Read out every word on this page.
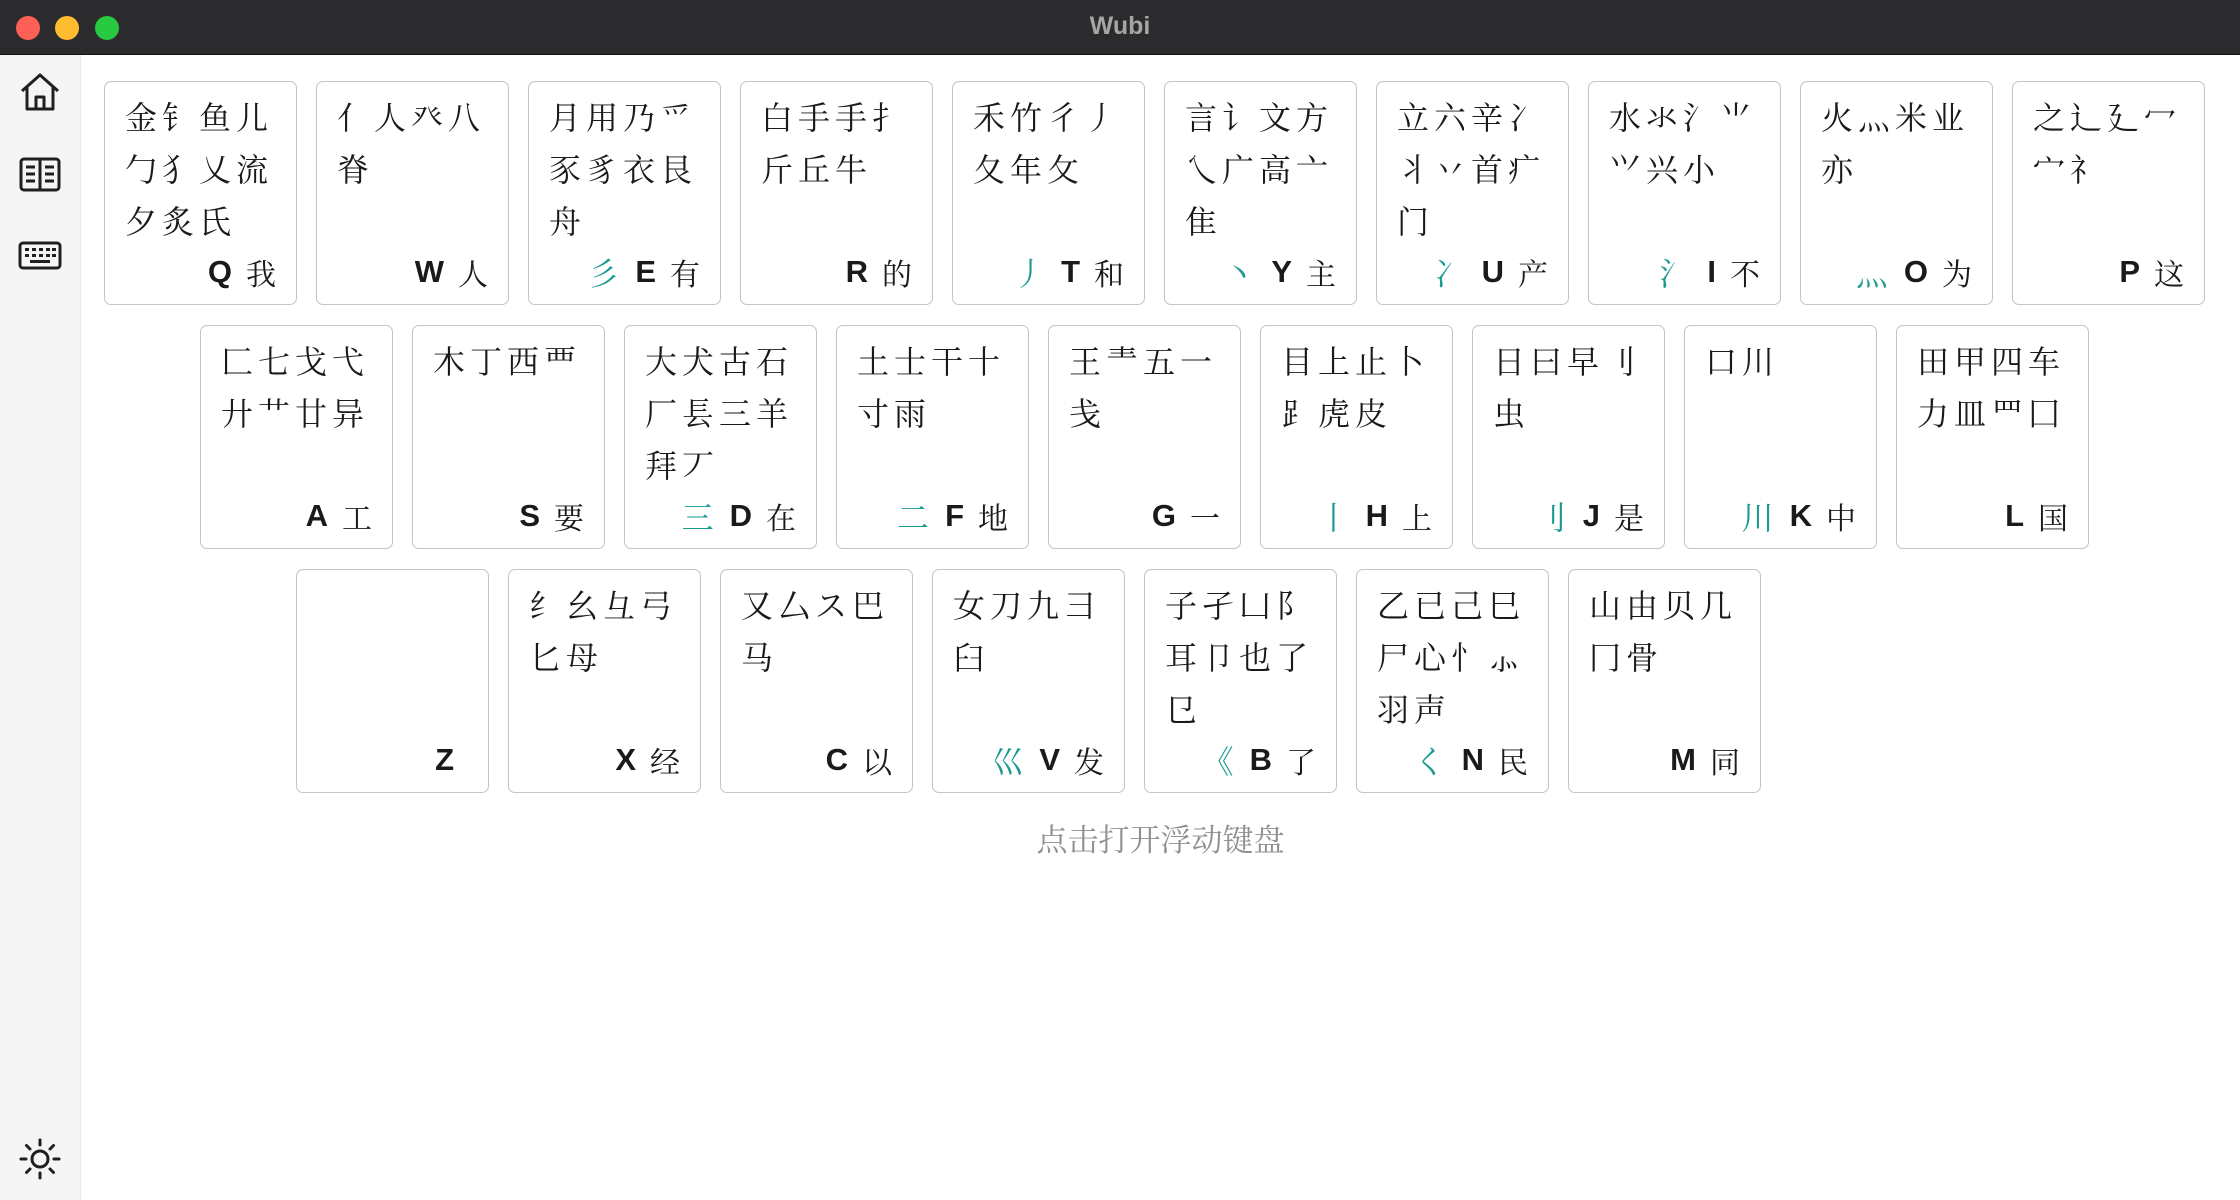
Wubi
金钅鱼儿
勹犭乂流
夕炙氏
Q 我
亻人癶八
脊
W 人
月用乃爫
豕豸衣艮
舟
彡 E 有
白手手扌
斤丘牛
R 的
禾竹彳丿
夂年攵
丿 T 和
言讠文方
乀广高亠
隹
丶 Y 主
立六辛冫
丬丷首疒
门
冫 U 产
水氺氵⺌
⺍兴小
氵 I 不
火灬米业
亦
灬 O 为
之辶廴冖
宀礻
P 这
匚七戈弋
廾艹廿异
A 工
木丁西覀
S 要
大犬古石
厂镸三羊
拜丆
三 D 在
土士干十
寸雨
二 F 地
王龶五一
戋
G 一
目上止卜
⻊虎皮
丨 H 上
日曰早刂
虫
刂 J 是
口川
川 K 中
田甲四车
力皿罒囗
L 国
Z
纟幺彑弓
匕母
X 经
又厶ス巴
马
C 以
女刀九彐
臼
巛 V 发
子孑凵阝
耳卩也了
㔾
《 B 了
乙已己巳
尸心忄⺗
羽声
く N 民
山由贝几
冂骨
M 同
点击打开浮动键盘
